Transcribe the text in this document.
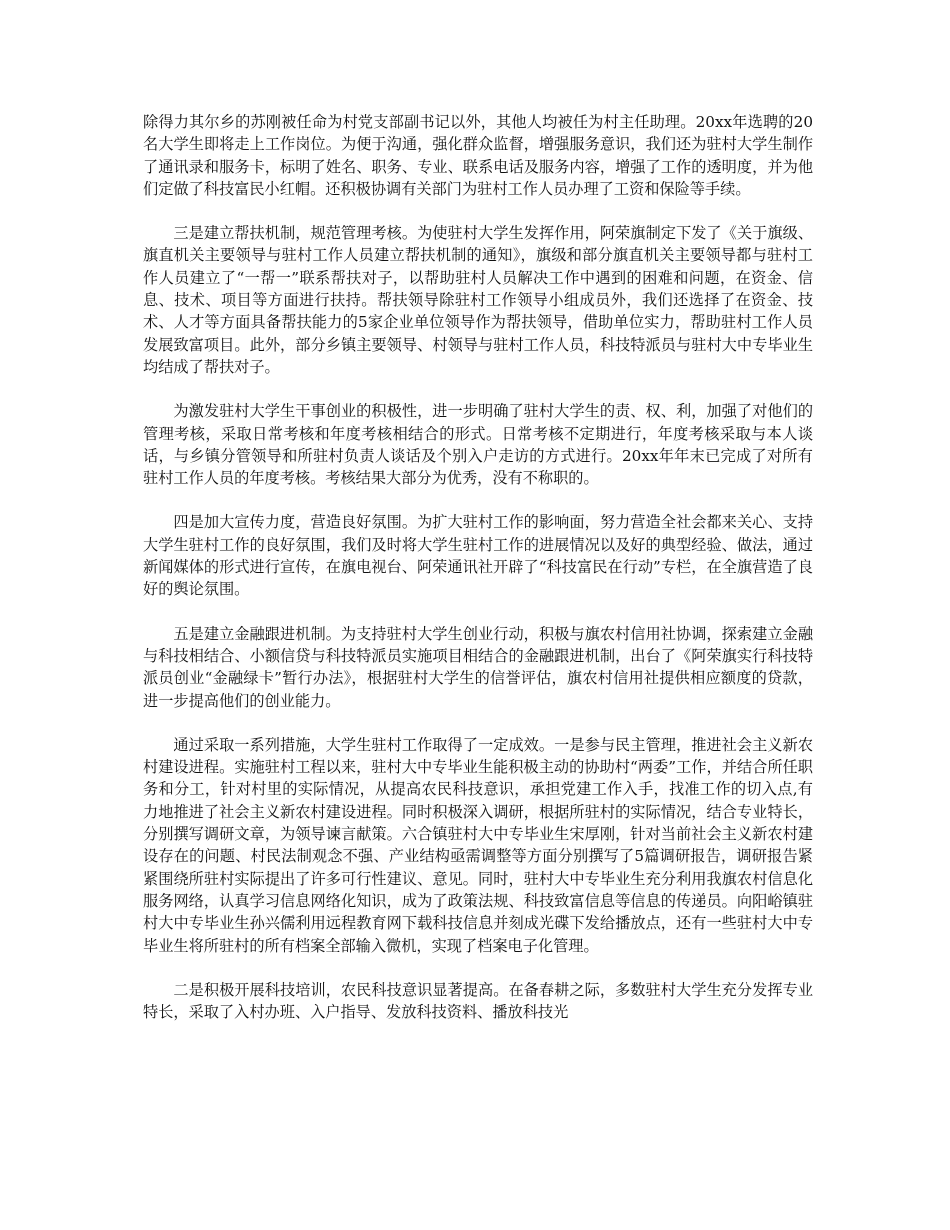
除得力其尔乡的苏刚被任命为村党支部副书记以外，其他人均被任为村主任助理。20xx年选聘的20名大学生即将走上工作岗位。为便于沟通，强化群众监督，增强服务意识，我们还为驻村大学生制作了通讯录和服务卡，标明了姓名、职务、专业、联系电话及服务内容，增强了工作的透明度，并为他们定做了科技富民小红帽。还积极协调有关部门为驻村工作人员办理了工资和保险等手续。

三是建立帮扶机制，规范管理考核。为使驻村大学生发挥作用，阿荣旗制定下发了《关于旗级、旗直机关主要领导与驻村工作人员建立帮扶机制的通知》，旗级和部分旗直机关主要领导都与驻村工作人员建立了“一帮一”联系帮扶对子，以帮助驻村人员解决工作中遇到的困难和问题，在资金、信息、技术、项目等方面进行扶持。帮扶领导除驻村工作领导小组成员外，我们还选择了在资金、技术、人才等方面具备帮扶能力的5家企业单位领导作为帮扶领导，借助单位实力，帮助驻村工作人员发展致富项目。此外，部分乡镇主要领导、村领导与驻村工作人员，科技特派员与驻村大中专毕业生均结成了帮扶对子。

为激发驻村大学生干事创业的积极性，进一步明确了驻村大学生的责、权、利，加强了对他们的管理考核，采取日常考核和年度考核相结合的形式。日常考核不定期进行，年度考核采取与本人谈话，与乡镇分管领导和所驻村负责人谈话及个别入户走访的方式进行。20xx年年末已完成了对所有驻村工作人员的年度考核。考核结果大部分为优秀，没有不称职的。

四是加大宣传力度，营造良好氛围。为扩大驻村工作的影响面，努力营造全社会都来关心、支持大学生驻村工作的良好氛围，我们及时将大学生驻村工作的进展情况以及好的典型经验、做法，通过新闻媒体的形式进行宣传，在旗电视台、阿荣通讯社开辟了“科技富民在行动”专栏，在全旗营造了良好的舆论氛围。

五是建立金融跟进机制。为支持驻村大学生创业行动，积极与旗农村信用社协调，探索建立金融与科技相结合、小额信贷与科技特派员实施项目相结合的金融跟进机制，出台了《阿荣旗实行科技特派员创业“金融绿卡”暂行办法》，根据驻村大学生的信誉评估，旗农村信用社提供相应额度的贷款，进一步提高他们的创业能力。

通过采取一系列措施，大学生驻村工作取得了一定成效。一是参与民主管理，推进社会主义新农村建设进程。实施驻村工程以来，驻村大中专毕业生能积极主动的协助村“两委”工作，并结合所任职务和分工，针对村里的实际情况，从提高农民科技意识，承担党建工作入手，找准工作的切入点,有力地推进了社会主义新农村建设进程。同时积极深入调研，根据所驻村的实际情况，结合专业特长，分别撰写调研文章，为领导谏言献策。六合镇驻村大中专毕业生宋厚刚，针对当前社会主义新农村建设存在的问题、村民法制观念不强、产业结构亟需调整等方面分别撰写了5篇调研报告，调研报告紧紧围绕所驻村实际提出了许多可行性建议、意见。同时，驻村大中专毕业生充分利用我旗农村信息化服务网络，认真学习信息网络化知识，成为了政策法规、科技致富信息等信息的传递员。向阳峪镇驻村大中专毕业生孙兴儒利用远程教育网下载科技信息并刻成光碟下发给播放点，还有一些驻村大中专毕业生将所驻村的所有档案全部输入微机，实现了档案电子化管理。

二是积极开展科技培训，农民科技意识显著提高。在备春耕之际，多数驻村大学生充分发挥专业特长，采取了入村办班、入户指导、发放科技资料、播放科技光
